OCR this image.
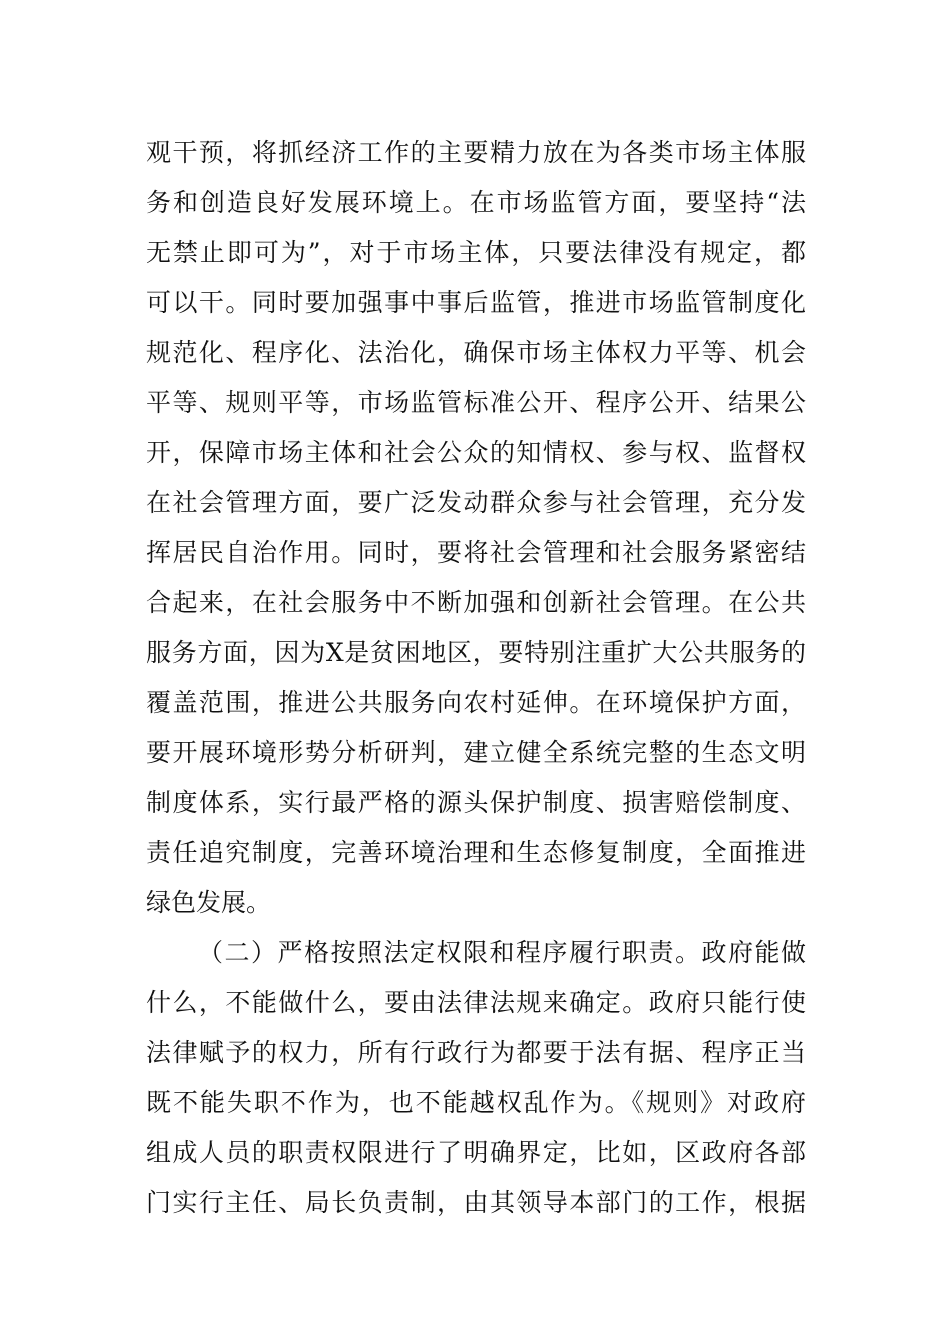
观干预，将抓经济工作的主要精力放在为各类市场主体服
务和创造良好发展环境上。在市场监管方面，要坚持“法
无禁止即可为”，对于市场主体，只要法律没有规定，都
可以干。同时要加强事中事后监管，推进市场监管制度化
规范化、程序化、法治化，确保市场主体权力平等、机会
平等、规则平等，市场监管标准公开、程序公开、结果公
开，保障市场主体和社会公众的知情权、参与权、监督权
在社会管理方面，要广泛发动群众参与社会管理，充分发
挥居民自治作用。同时，要将社会管理和社会服务紧密结
合起来，在社会服务中不断加强和创新社会管理。在公共
服务方面，因为X是贫困地区，要特别注重扩大公共服务的
覆盖范围，推进公共服务向农村延伸。在环境保护方面，
要开展环境形势分析研判，建立健全系统完整的生态文明
制度体系，实行最严格的源头保护制度、损害赔偿制度、
责任追究制度，完善环境治理和生态修复制度，全面推进
绿色发展。
（二）严格按照法定权限和程序履行职责。政府能做
什么，不能做什么，要由法律法规来确定。政府只能行使
法律赋予的权力，所有行政行为都要于法有据、程序正当
既不能失职不作为，也不能越权乱作为。《规则》对政府
组成人员的职责权限进行了明确界定，比如，区政府各部
门实行主任、局长负责制，由其领导本部门的工作，根据
